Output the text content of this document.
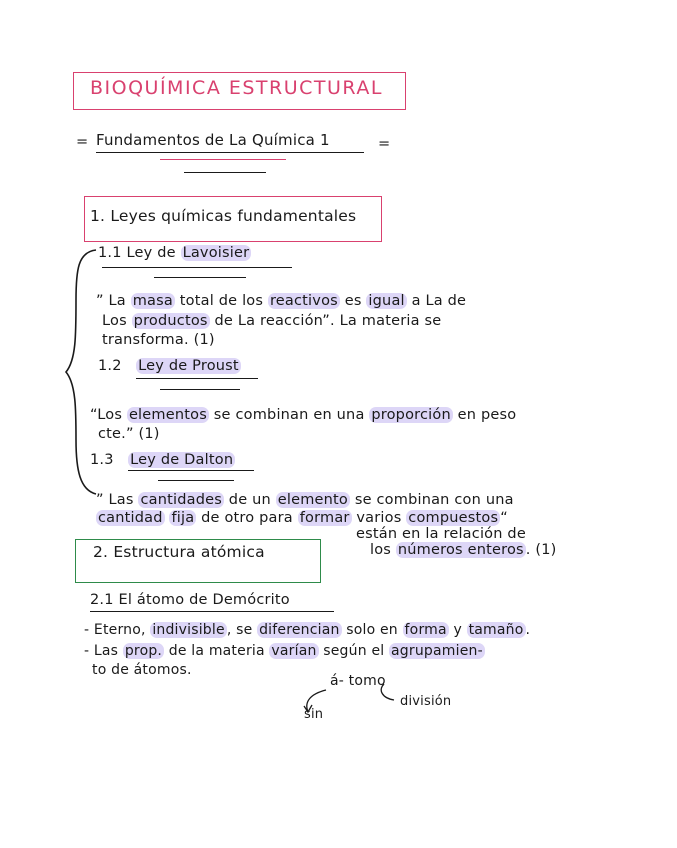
BIOQUÍMICA ESTRUCTURAL
= Fundamentos de La Química 1	=
1. Leyes químicas fundamentales
1.1 Ley de Lavoisier
” La masa total de los reactivos es igual a La de
Los productos de La reacción”. La materia se
transforma. (1)
1.2 Ley de Proust
“Los elementos se combinan en una proporción en peso
cte.” (1)
1.3 Ley de Dalton
” Las cantidades de un elemento se combinan con una
cantidad fija de otro para formar varios compuestos “
están en la relación de
los números enteros . (1)
2. Estructura atómica
2.1 El átomo de Demócrito
- Eterno, indivisible , se diferencian solo en forma y tamaño .
- Las prop. de la materia varían según el agrupamien-
to de átomos.
á- tomo
sin
división
